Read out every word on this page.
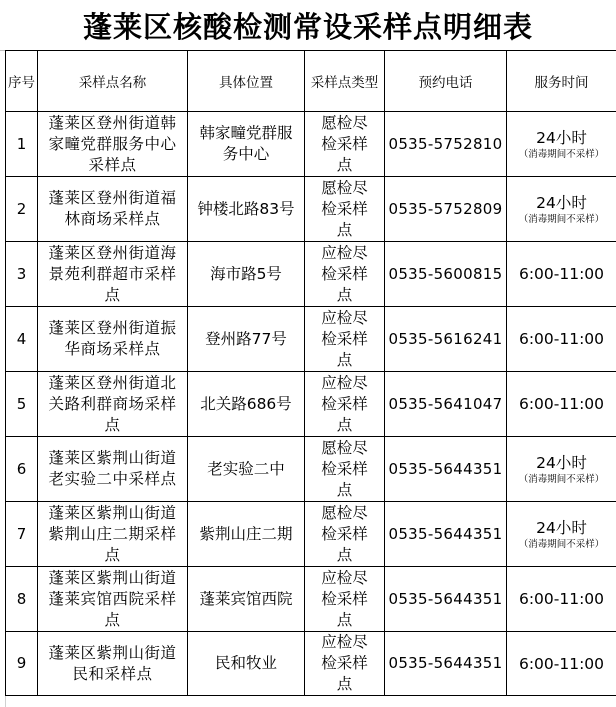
蓬莱区核酸检测常设采样点明细表
序号	采样点名称	具体位置	采样点类型	预约电话	服务时间
1	蓬莱区登州街道韩家疃党群服务中心采样点	韩家疃党群服务中心	愿检尽检采样点	0535-5752810	24小时
（消毒期间不采样）

2	蓬莱区登州街道福林商场采样点	钟楼北路83号	愿检尽检采样点	0535-5752809	24小时
（消毒期间不采样）

3	蓬莱区登州街道海景苑利群超市采样点	海市路5号	应检尽检采样点	0535-5600815	6:00-11:00

4	蓬莱区登州街道振华商场采样点	登州路77号	应检尽检采样点	0535-5616241	6:00-11:00

5	蓬莱区登州街道北关路利群商场采样点	北关路686号	应检尽检采样点	0535-5641047	6:00-11:00

6	蓬莱区紫荆山街道老实验二中采样点	老实验二中	愿检尽检采样点	0535-5644351	24小时
（消毒期间不采样）

7	蓬莱区紫荆山街道紫荆山庄二期采样点	紫荆山庄二期	愿检尽检采样点	0535-5644351	24小时
（消毒期间不采样）

8	蓬莱区紫荆山街道蓬莱宾馆西院采样点	蓬莱宾馆西院	应检尽检采样点	0535-5644351	6:00-11:00

9	蓬莱区紫荆山街道民和采样点	民和牧业	应检尽检采样点	0535-5644351	6:00-11:00
